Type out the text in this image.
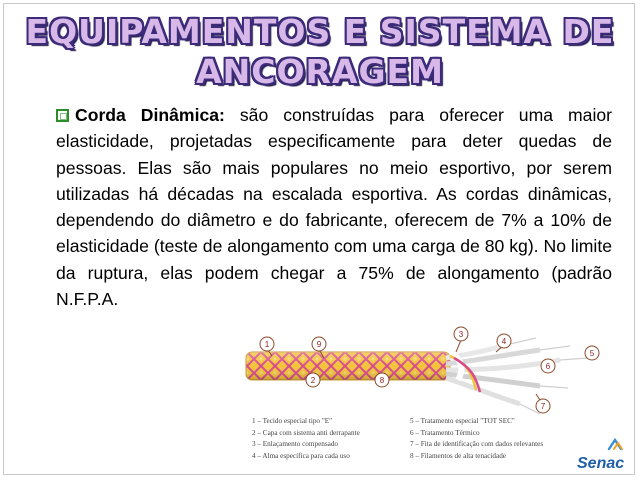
EQUIPAMENTOS E SISTEMA DE
ANCORAGEM
Corda Dinâmica: são construídas para oferecer uma maior elasticidade, projetadas especificamente para deter quedas de pessoas. Elas são mais populares no meio esportivo, por serem utilizadas há décadas na escalada esportiva. As cordas dinâmicas, dependendo do diâmetro e do fabricante, oferecem de 7% a 10% de elasticidade (teste de alongamento com uma carga de 80 kg). No limite da ruptura, elas podem chegar a 75% de alongamento (padrão N.F.P.A.
1	9
2	8
3
4
5
6
7
1 – Tecido especial tipo "E"
2 – Capa com sistema anti derrapante
3 – Enlaçamento compensado
4 – Alma específica para cada uso
5 – Tratamento especial "TOT SEC"
6 – Tratamento Térmico
7 – Fita de identificação com dados relevantes
8 – Filamentos de alta tenacidade	Senac
